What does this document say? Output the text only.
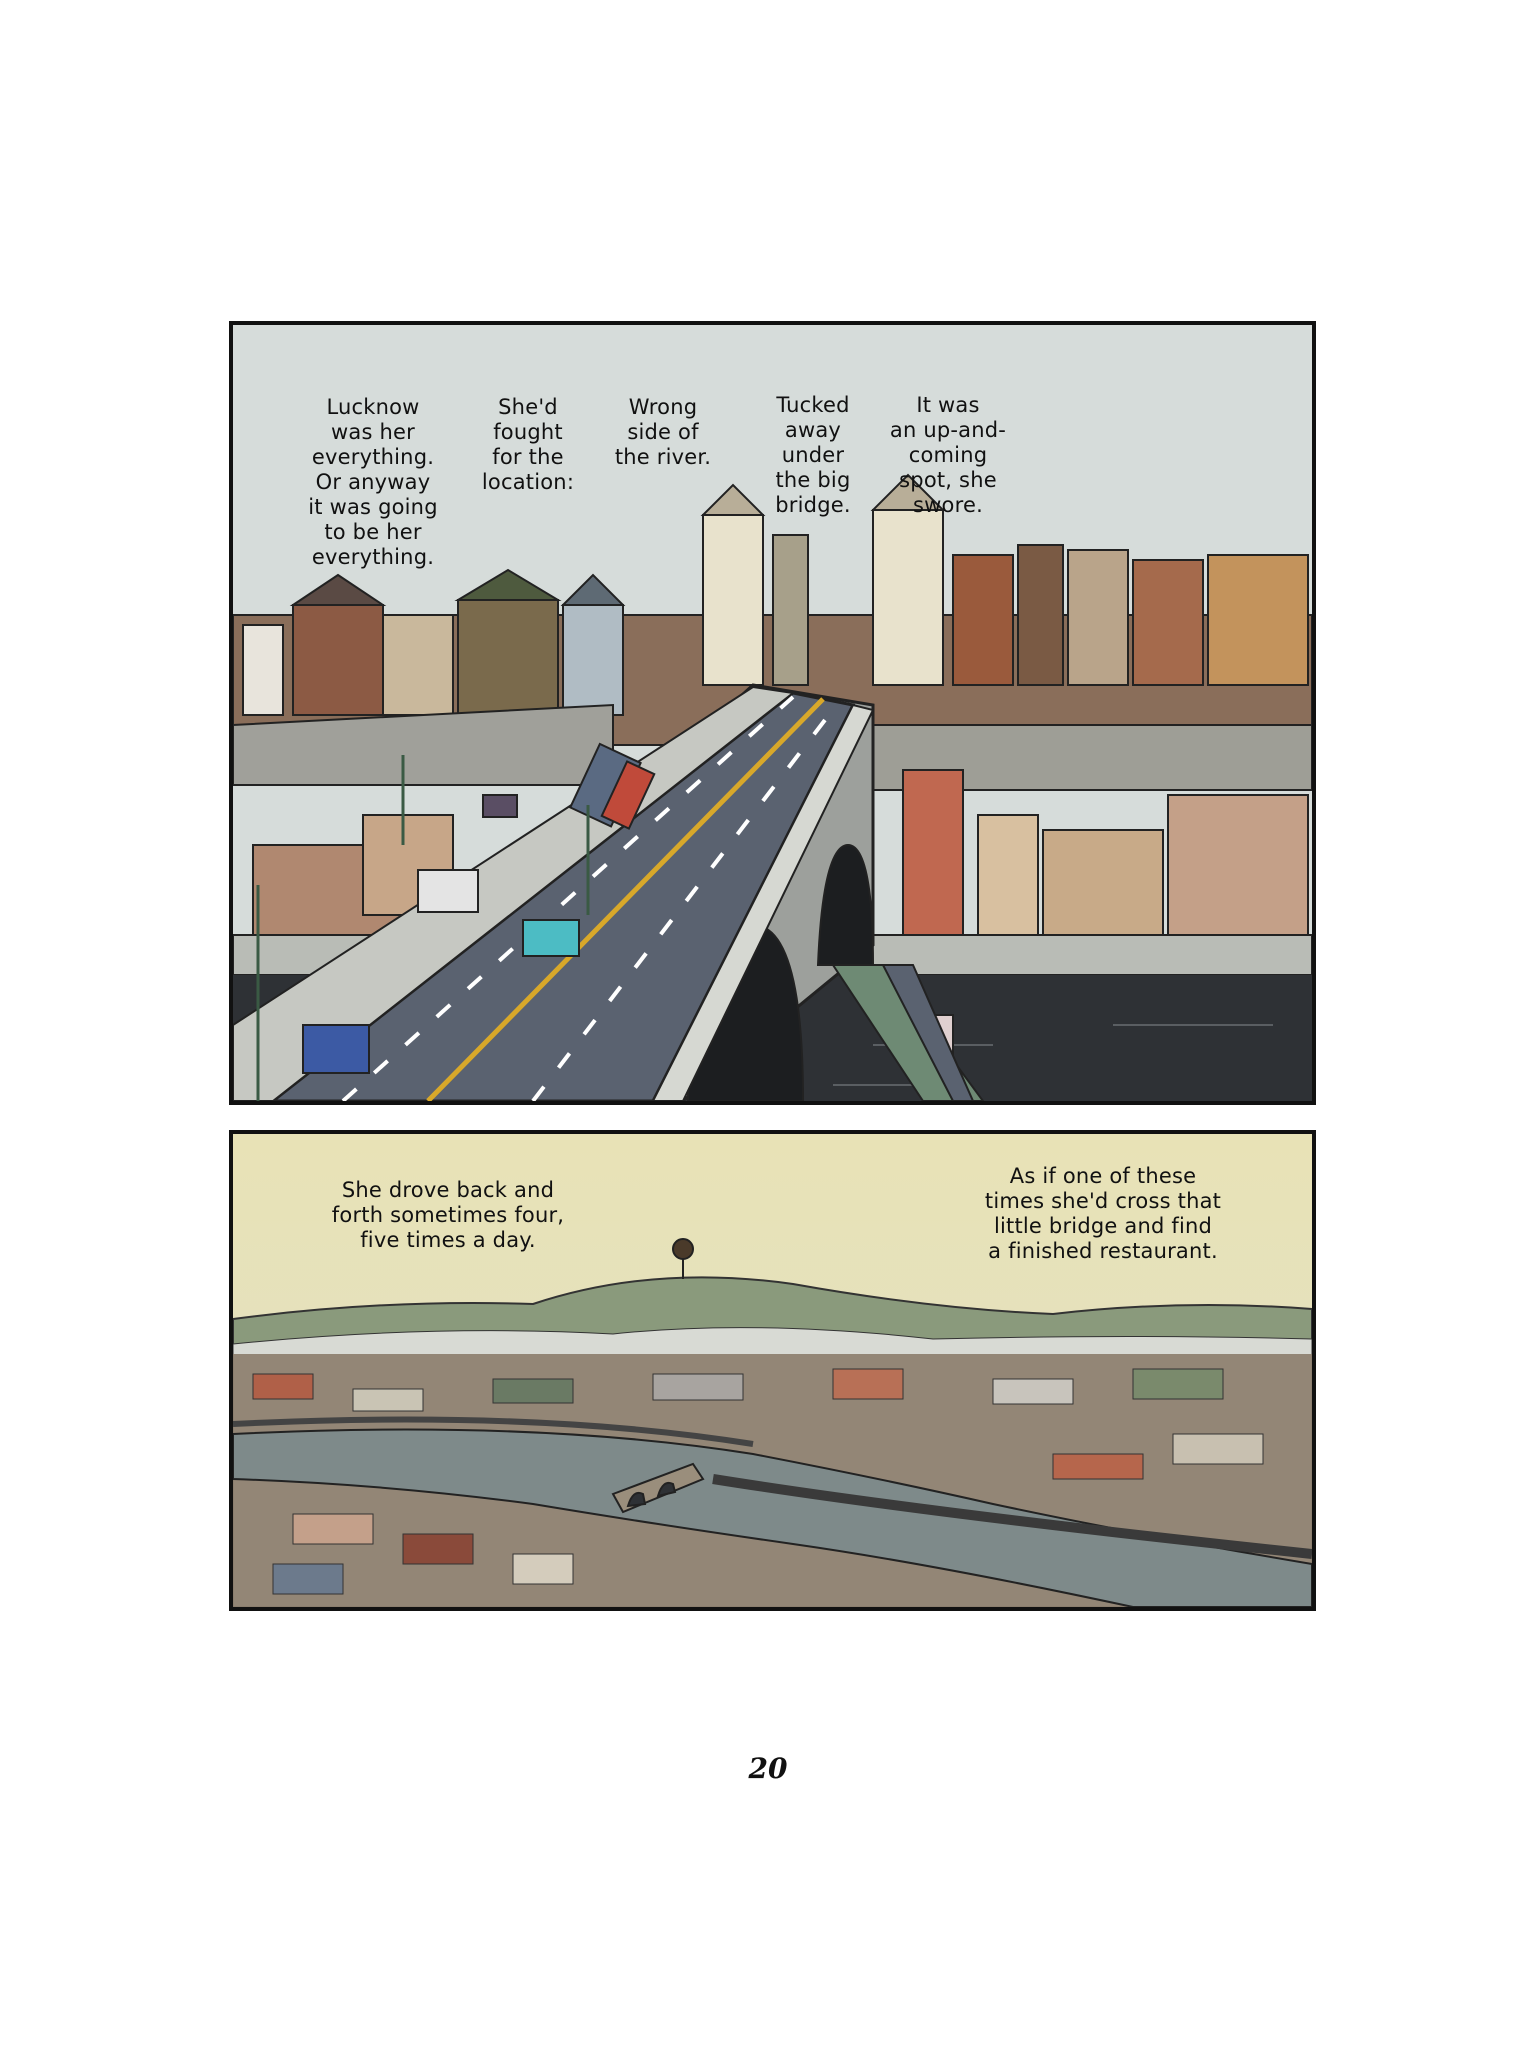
Lucknow
was her
everything.
Or anyway
it was going
to be her
everything.
She'd
fought
for the
location:
Wrong
side of
the river.
Tucked
away
under
the big
bridge.
It was
an up-and-
coming
spot, she
swore.
She drove back and
forth sometimes four,
five times a day.
As if one of these
times she'd cross that
little bridge and find
a finished restaurant.
20
